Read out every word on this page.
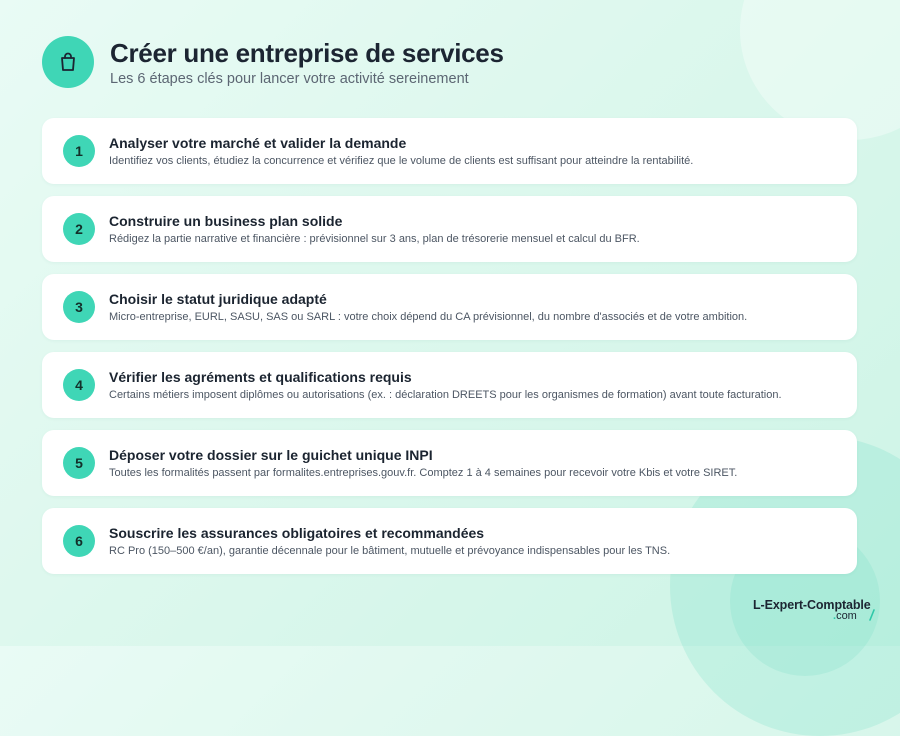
Créer une entreprise de services
Les 6 étapes clés pour lancer votre activité sereinement
1	Analyser votre marché et valider la demande
Identifiez vos clients, étudiez la concurrence et vérifiez que le volume de clients est suffisant pour atteindre la rentabilité.
2	Construire un business plan solide
Rédigez la partie narrative et financière : prévisionnel sur 3 ans, plan de trésorerie mensuel et calcul du BFR.
3	Choisir le statut juridique adapté
Micro-entreprise, EURL, SASU, SAS ou SARL : votre choix dépend du CA prévisionnel, du nombre d'associés et de votre ambition.
4	Vérifier les agréments et qualifications requis
Certains métiers imposent diplômes ou autorisations (ex. : déclaration DREETS pour les organismes de formation) avant toute facturation.
5	Déposer votre dossier sur le guichet unique INPI
Toutes les formalités passent par formalites.entreprises.gouv.fr. Comptez 1 à 4 semaines pour recevoir votre Kbis et votre SIRET.
6	Souscrire les assurances obligatoires et recommandées
RC Pro (150–500 €/an), garantie décennale pour le bâtiment, mutuelle et prévoyance indispensables pour les TNS.
L-Expert-Comptable
.com
